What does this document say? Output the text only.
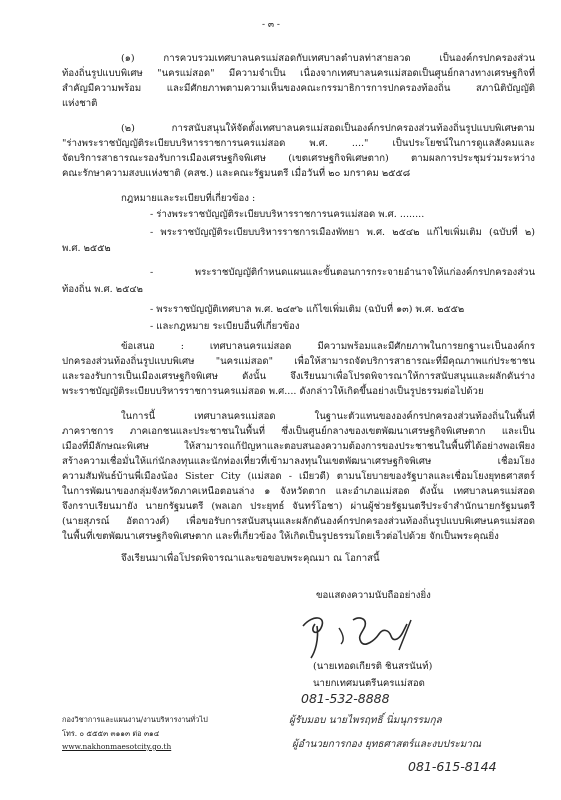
- ๓ -
(๑) การควบรวมเทศบาลนครแม่สอดกับเทศบาลตำบลท่าสายลวด เป็นองค์กรปกครองส่วน
ท้องถิ่นรูปแบบพิเศษ "นครแม่สอด" มีความจำเป็น เนื่องจากเทศบาลนครแม่สอดเป็นศูนย์กลางทางเศรษฐกิจที่
สำคัญมีความพร้อม และมีศักยภาพตามความเห็นของคณะกรรมาธิการการปกครองท้องถิ่น สภานิติบัญญัติ
แห่งชาติ
(๒) การสนับสนุนให้จัดตั้งเทศบาลนครแม่สอดเป็นองค์กรปกครองส่วนท้องถิ่นรูปแบบพิเศษตาม
"ร่างพระราชบัญญัติระเบียบบริหารราชการนครแม่สอด พ.ศ. ...." เป็นประโยชน์ในการดูแลสังคมและ
จัดบริการสาธารณะรองรับการเมืองเศรษฐกิจพิเศษ (เขตเศรษฐกิจพิเศษตาก) ตามผลการประชุมร่วมระหว่าง
คณะรักษาความสงบแห่งชาติ (คสช.) และคณะรัฐมนตรี เมื่อวันที่ ๒๐ มกราคม ๒๕๕๘
กฎหมายและระเบียบที่เกี่ยวข้อง :
- ร่างพระราชบัญญัติระเบียบบริหารราชการนครแม่สอด พ.ศ. ........
- พระราชบัญญัติระเบียบบริหารราชการเมืองพัทยา พ.ศ. ๒๕๔๒ แก้ไขเพิ่มเติม (ฉบับที่ ๒)
พ.ศ. ๒๕๕๒
- พระราชบัญญัติกำหนดแผนและขั้นตอนการกระจายอำนาจให้แก่องค์กรปกครองส่วน
ท้องถิ่น พ.ศ. ๒๕๔๒
- พระราชบัญญัติเทศบาล พ.ศ. ๒๔๙๖ แก้ไขเพิ่มเติม (ฉบับที่ ๑๓) พ.ศ. ๒๕๕๒
- และกฎหมาย ระเบียบอื่นที่เกี่ยวข้อง
ข้อเสนอ : เทศบาลนครแม่สอด มีความพร้อมและมีศักยภาพในการยกฐานะเป็นองค์กร
ปกครองส่วนท้องถิ่นรูปแบบพิเศษ "นครแม่สอด" เพื่อให้สามารถจัดบริการสาธารณะที่มีคุณภาพแก่ประชาชน
และรองรับการเป็นเมืองเศรษฐกิจพิเศษ ดังนั้น จึงเรียนมาเพื่อโปรดพิจารณาให้การสนับสนุนและผลักดันร่าง
พระราชบัญญัติระเบียบบริหารราชการนครแม่สอด พ.ศ.... ดังกล่าวให้เกิดขึ้นอย่างเป็นรูปธรรมต่อไปด้วย
ในการนี้ เทศบาลนครแม่สอด ในฐานะตัวแทนขององค์กรปกครองส่วนท้องถิ่นในพื้นที่
ภาคราชการ ภาคเอกชนและประชาชนในพื้นที่ ซึ่งเป็นศูนย์กลางของเขตพัฒนาเศรษฐกิจพิเศษตาก และเป็น
เมืองที่มีลักษณะพิเศษ ให้สามารถแก้ปัญหาและตอบสนองความต้องการของประชาชนในพื้นที่ได้อย่างพอเพียง
สร้างความเชื่อมั่นให้แก่นักลงทุนและนักท่องเที่ยวที่เข้ามาลงทุนในเขตพัฒนาเศรษฐกิจพิเศษ เชื่อมโยง
ความสัมพันธ์บ้านพี่เมืองน้อง Sister City (แม่สอด - เมียวดี) ตามนโยบายของรัฐบาลและเชื่อมโยงยุทธศาสตร์
ในการพัฒนาของกลุ่มจังหวัดภาคเหนือตอนล่าง ๑ จังหวัดตาก และอำเภอแม่สอด ดังนั้น เทศบาลนครแม่สอด
จึงกราบเรียนมายัง นายกรัฐมนตรี (พลเอก ประยุทธ์ จันทร์โอชา) ผ่านผู้ช่วยรัฐมนตรีประจำสำนักนายกรัฐมนตรี
(นายสุภรณ์ อัตถาวงศ์) เพื่อขอรับการสนับสนุนและผลักดันองค์กรปกครองส่วนท้องถิ่นรูปแบบพิเศษนครแม่สอด
ในพื้นที่เขตพัฒนาเศรษฐกิจพิเศษตาก และที่เกี่ยวข้อง ให้เกิดเป็นรูปธรรมโดยเร็วต่อไปด้วย จักเป็นพระคุณยิ่ง
จึงเรียนมาเพื่อโปรดพิจารณาและขอขอบพระคุณมา ณ โอกาสนี้
ขอแสดงความนับถืออย่างยิ่ง
(นายเทอดเกียรติ ชินสรนันท์)
นายกเทศมนตรีนครแม่สอด
081-532-8888
ผู้รับมอบ นายไพรฤทธิ์ นิ่มนุกรรมกุล
ผู้อำนวยการกอง ยุทธศาสตร์และงบประมาณ
081-615-8144
กองวิชาการและแผนงาน/งานบริหารงานทั่วไป
โทร. ๐ ๕๕๕๓ ๓๑๑๓ ต่อ ๓๑๔
www.nakhonmaesotcity.go.th
